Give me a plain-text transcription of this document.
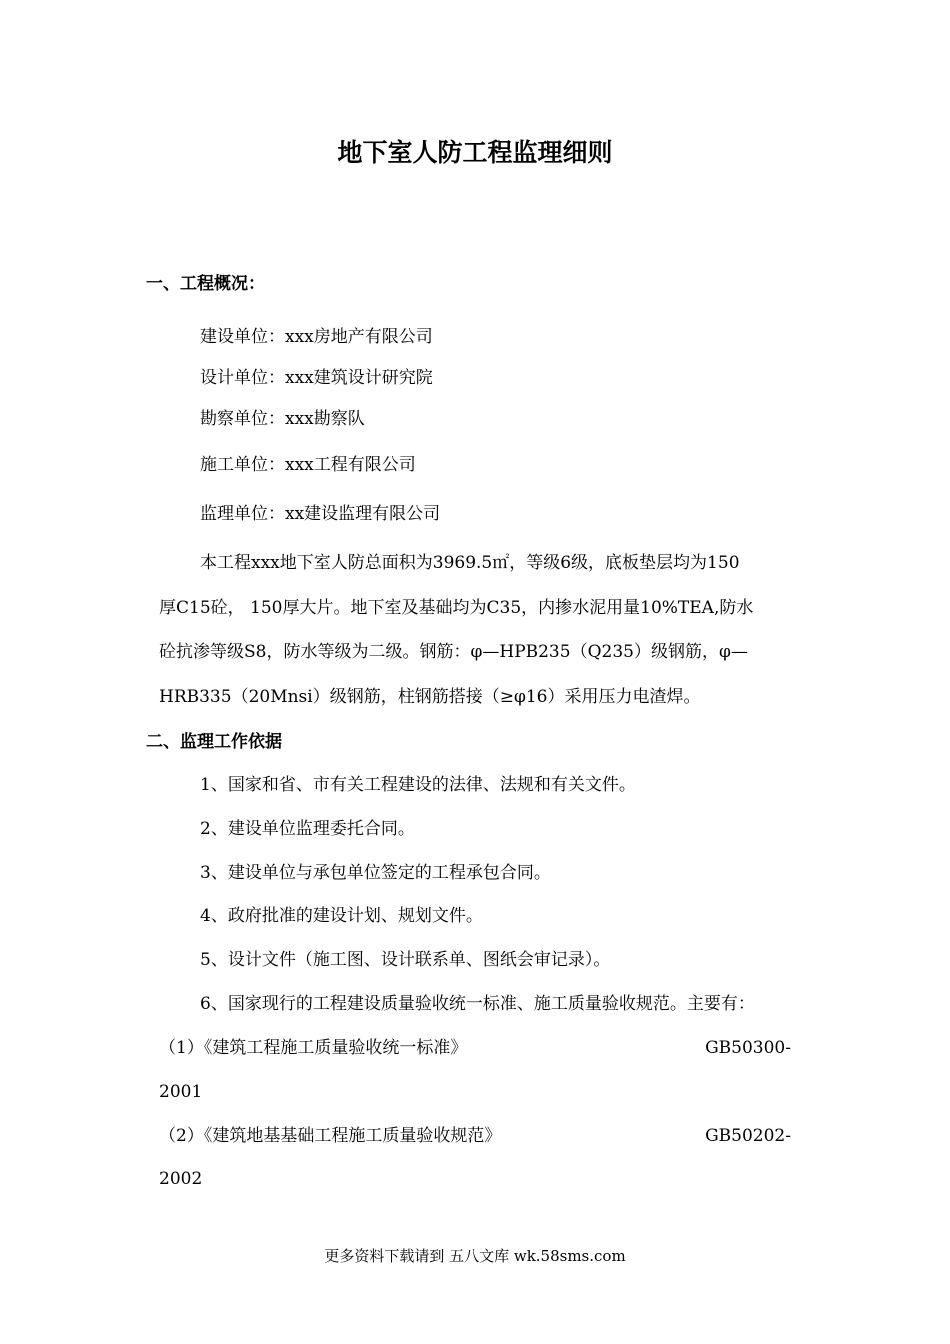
地下室人防工程监理细则
一、工程概况：
建设单位：xxx房地产有限公司
设计单位：xxx建筑设计研究院
勘察单位：xxx勘察队
施工单位：xxx工程有限公司
监理单位：xx建设监理有限公司
本工程xxx地下室人防总面积为3969.5㎡，等级6级，底板垫层均为150
厚C15砼， 150厚大片。地下室及基础均为C35，内掺水泥用量10%TEA,防水
砼抗渗等级S8，防水等级为二级。钢筋：φ—HPB235（Q235）级钢筋，φ—
HRB335（20Mnsi）级钢筋，柱钢筋搭接（≥φ16）采用压力电渣焊。
二、监理工作依据
1、国家和省、市有关工程建设的法律、法规和有关文件。
2、建设单位监理委托合同。
3、建设单位与承包单位签定的工程承包合同。
4、政府批准的建设计划、规划文件。
5、设计文件（施工图、设计联系单、图纸会审记录）。
6、国家现行的工程建设质量验收统一标准、施工质量验收规范。主要有：
（1）《建筑工程施工质量验收统一标准》	GB50300-
2001
（2）《建筑地基基础工程施工质量验收规范》	GB50202-
2002
更多资料下载请到 五八文库 wk.58sms.com
